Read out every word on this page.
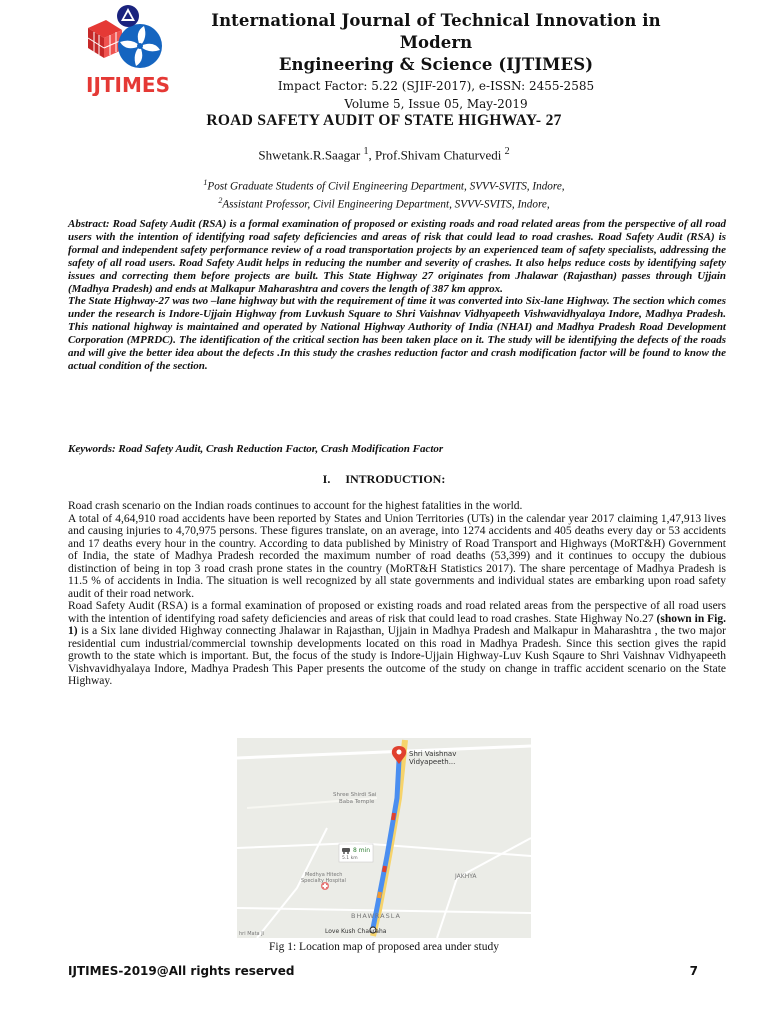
IJTIMES
International Journal of Technical Innovation in Modern
Engineering & Science (IJTIMES)
Impact Factor: 5.22 (SJIF-2017), e-ISSN: 2455-2585
Volume 5, Issue 05, May-2019
ROAD SAFETY AUDIT OF STATE HIGHWAY- 27
Shwetank.R.Saagar $^1$, Prof.Shivam Chaturvedi $^2$
$^1$Post Graduate Students of Civil Engineering Department, SVVV-SVITS, Indore,
$^2$Assistant Professor, Civil Engineering Department, SVVV-SVITS, Indore,

Abstract: Road Safety Audit (RSA) is a formal examination of proposed or existing roads and road related areas from the perspective of all road users with the intention of identifying road safety deficiencies and areas of risk that could lead to road crashes. Road Safety Audit (RSA) is formal and independent safety performance review of a road transportation projects by an experienced team of safety specialists, addressing the safety of all road users. Road Safety Audit helps in reducing the number and severity of crashes. It also helps reduce costs by identifying safety issues and correcting them before projects are built. This State Highway 27 originates from Jhalawar (Rajasthan) passes through Ujjain (Madhya Pradesh) and ends at Malkapur Maharashtra and covers the length of 387 km approx.

The State Highway-27 was two –lane highway but with the requirement of time it was converted into Six-lane Highway. The section which comes under the research is Indore-Ujjain Highway from Luvkush Square to Shri Vaishnav Vidhyapeeth Vishwavidhyalaya Indore, Madhya Pradesh. This national highway is maintained and operated by National Highway Authority of India (NHAI) and Madhya Pradesh Road Development Corporation (MPRDC). The identification of the critical section has been taken place on it. The study will be identifying the defects of the roads and will give the better idea about the defects .In this study the crashes reduction factor and crash modification factor will be found to know the actual condition of the section.

Keywords: Road Safety Audit, Crash Reduction Factor, Crash Modification Factor
I. INTRODUCTION:

Road crash scenario on the Indian roads continues to account for the highest fatalities in the world.

A total of 4,64,910 road accidents have been reported by States and Union Territories (UTs) in the calendar year 2017 claiming 1,47,913 lives and causing injuries to 4,70,975 persons. These figures translate, on an average, into 1274 accidents and 405 deaths every day or 53 accidents and 17 deaths every hour in the country. According to data published by Ministry of Road Transport and Highways (MoRT&H) Government of India, the state of Madhya Pradesh recorded the maximum number of road deaths (53,399) and it continues to occupy the dubious distinction of being in top 3 road crash prone states in the country (MoRT&H Statistics 2017). The share percentage of Madhya Pradesh is 11.5 % of accidents in India. The situation is well recognized by all state governments and individual states are embarking upon road safety audit of their road network.

Road Safety Audit (RSA) is a formal examination of proposed or existing roads and road related areas from the perspective of all road users with the intention of identifying road safety deficiencies and areas of risk that could lead to road crashes. State Highway No.27 (shown in Fig. 1) is a Six lane divided Highway connecting Jhalawar in Rajasthan, Ujjain in Madhya Pradesh and Malkapur in Maharashtra , the two major residential cum industrial/commercial township developments located on this road in Madhya Pradesh. Since this section gives the rapid growth to the state which is important. But, the focus of the study is Indore-Ujjain Highway-Luv Kush Sqaure to Shri Vaishnav Vidhyapeeth Vishvavidhyalaya Indore, Madhya Pradesh This Paper presents the outcome of the study on change in traffic accident scenario on the State Highway.

Shri Vaishnav
Vidyapeeth...
Shree Shirdi Sai
Baba Temple
8 min
5.1 km
Medhya Hitech
Specialty Hospital
JAKHYA
BHAWRASLA
Love Kush Chauraha
hri Mata Ji
Fig 1: Location map of proposed area under study
IJTIMES-2019@All rights reserved	7
